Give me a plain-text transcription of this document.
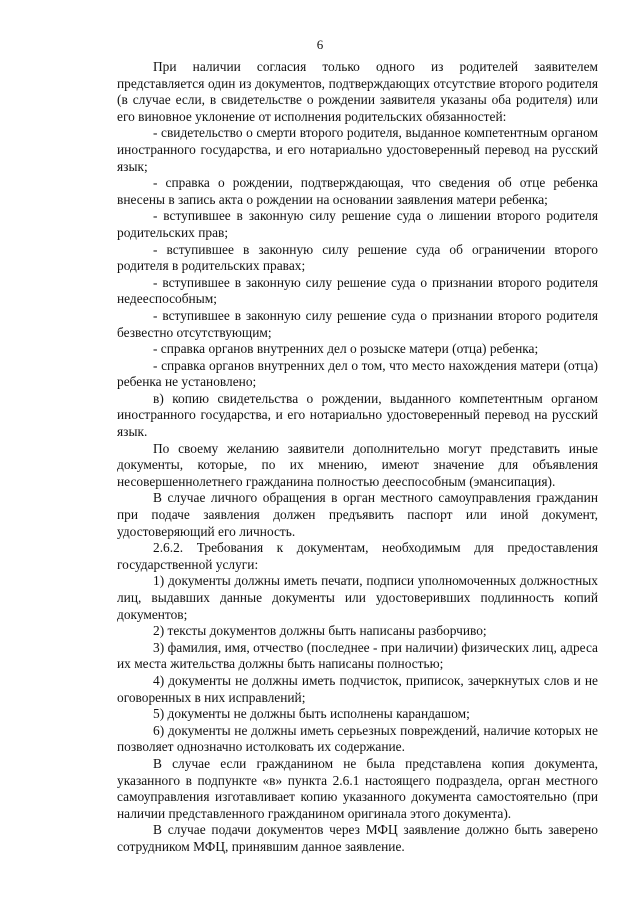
6

При наличии согласия только одного из родителей заявителем представляется один из документов, подтверждающих отсутствие второго родителя (в случае если, в свидетельстве о рождении заявителя указаны оба родителя) или его виновное уклонение от исполнения родительских обязанностей:

- свидетельство о смерти второго родителя, выданное компетентным органом иностранного государства, и его нотариально удостоверенный перевод на русский язык;

- справка о рождении, подтверждающая, что сведения об отце ребенка внесены в запись акта о рождении на основании заявления матери ребенка;

- вступившее в законную силу решение суда о лишении второго родителя родительских прав;

- вступившее в законную силу решение суда об ограничении второго родителя в родительских правах;

- вступившее в законную силу решение суда о признании второго родителя недееспособным;

- вступившее в законную силу решение суда о признании второго родителя безвестно отсутствующим;

- справка органов внутренних дел о розыске матери (отца) ребенка;

- справка органов внутренних дел о том, что место нахождения матери (отца) ребенка не установлено;

в) копию свидетельства о рождении, выданного компетентным органом иностранного государства, и его нотариально удостоверенный перевод на русский язык.

По своему желанию заявители дополнительно могут представить иные документы, которые, по их мнению, имеют значение для объявления несовершеннолетнего гражданина полностью дееспособным (эмансипация).

В случае личного обращения в орган местного самоуправления гражданин при подаче заявления должен предъявить паспорт или иной документ, удостоверяющий его личность.

2.6.2. Требования к документам, необходимым для предоставления государственной услуги:

1) документы должны иметь печати, подписи уполномоченных должностных лиц, выдавших данные документы или удостоверивших подлинность копий документов;

2) тексты документов должны быть написаны разборчиво;

3) фамилия, имя, отчество (последнее - при наличии) физических лиц, адреса их места жительства должны быть написаны полностью;

4) документы не должны иметь подчисток, приписок, зачеркнутых слов и не оговоренных в них исправлений;

5) документы не должны быть исполнены карандашом;

6) документы не должны иметь серьезных повреждений, наличие которых не позволяет однозначно истолковать их содержание.

В случае если гражданином не была представлена копия документа, указанного в подпункте «в» пункта 2.6.1 настоящего подраздела, орган местного самоуправления изготавливает копию указанного документа самостоятельно (при наличии представленного гражданином оригинала этого документа).

В случае подачи документов через МФЦ заявление должно быть заверено сотрудником МФЦ, принявшим данное заявление.
